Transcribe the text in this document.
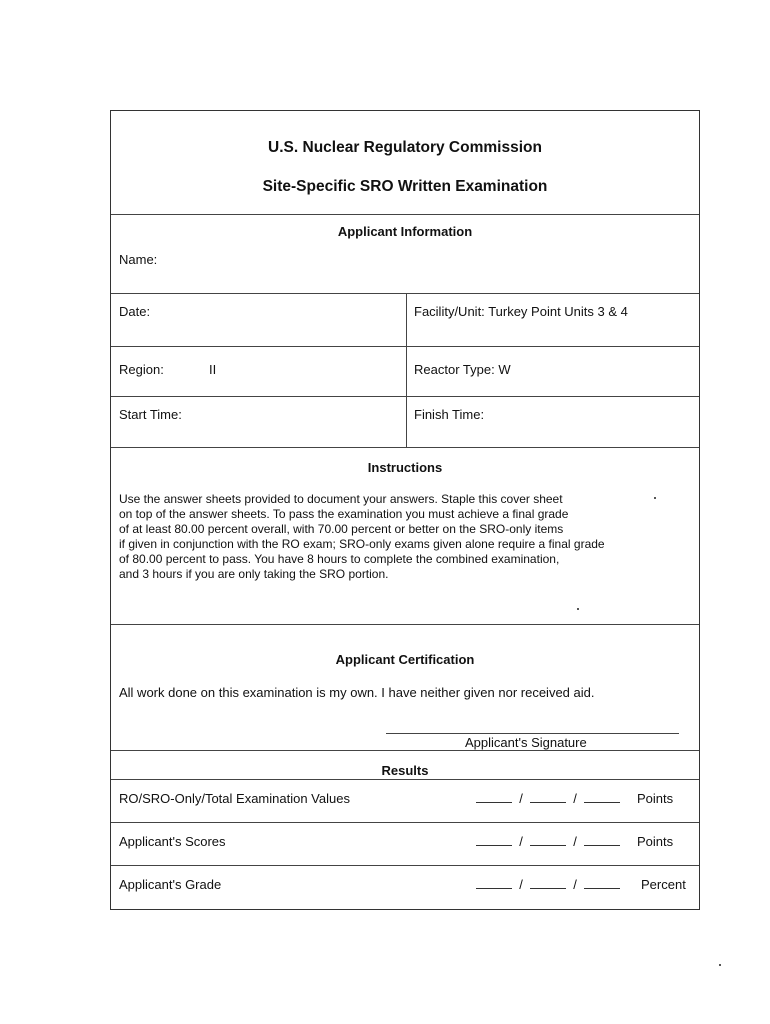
U.S. Nuclear Regulatory Commission
Site-Specific SRO Written Examination
Applicant Information
Name:
Date:	Facility/Unit: Turkey Point Units 3 & 4
Region:	II	Reactor Type: W
Start Time:	Finish Time:
Instructions
Use the answer sheets provided to document your answers. Staple this cover sheet
on top of the answer sheets. To pass the examination you must achieve a final grade
of at least 80.00 percent overall, with 70.00 percent or better on the SRO-only items
if given in conjunction with the RO exam; SRO-only exams given alone require a final grade
of 80.00 percent to pass. You have 8 hours to complete the combined examination,
and 3 hours if you are only taking the SRO portion.
Applicant Certification
All work done on this examination is my own. I have neither given nor received aid.
Applicant's Signature
Results
RO/SRO-Only/Total Examination Values	/	/	Points
Applicant's Scores	/	/	Points
Applicant's Grade	/	/	Percent
